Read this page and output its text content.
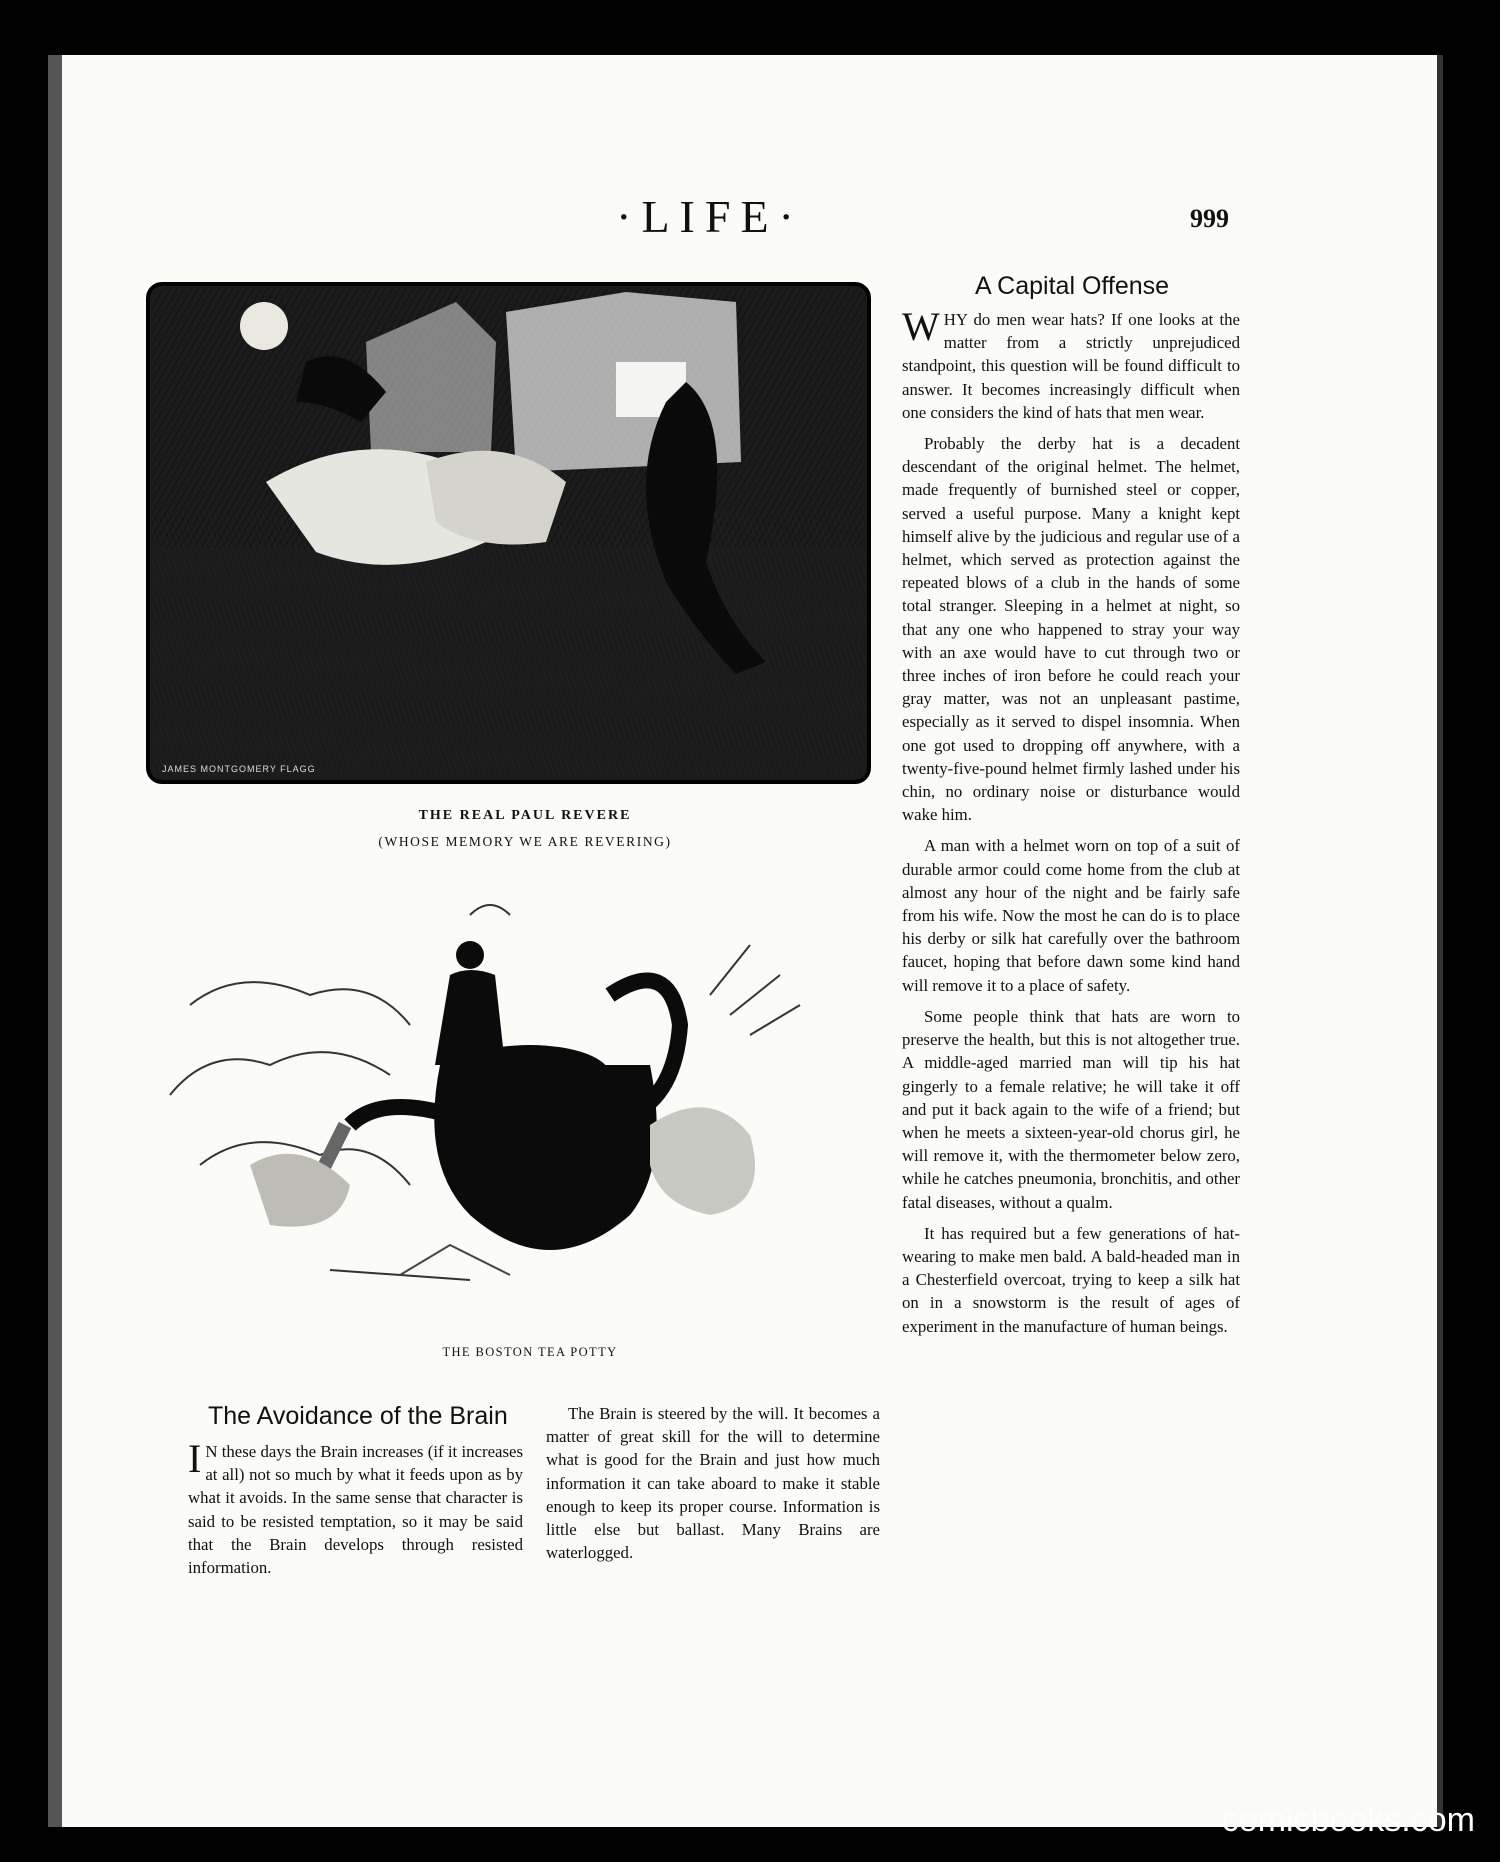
·LIFE·	999
JAMES MONTGOMERY FLAGG
THE REAL PAUL REVERE
(WHOSE MEMORY WE ARE REVERING)
THE BOSTON TEA POTTY
A Capital Offense

WHY do men wear hats? If one looks at the matter from a strictly unprejudiced standpoint, this question will be found difficult to answer. It becomes increasingly difficult when one considers the kind of hats that men wear.

Probably the derby hat is a decadent descendant of the original helmet. The helmet, made frequently of burnished steel or copper, served a useful purpose. Many a knight kept himself alive by the judicious and regular use of a helmet, which served as protection against the repeated blows of a club in the hands of some total stranger. Sleeping in a helmet at night, so that any one who happened to stray your way with an axe would have to cut through two or three inches of iron before he could reach your gray matter, was not an unpleasant pastime, especially as it served to dispel insomnia. When one got used to dropping off anywhere, with a twenty-five-pound helmet firmly lashed under his chin, no ordinary noise or disturbance would wake him.

A man with a helmet worn on top of a suit of durable armor could come home from the club at almost any hour of the night and be fairly safe from his wife. Now the most he can do is to place his derby or silk hat carefully over the bathroom faucet, hoping that before dawn some kind hand will remove it to a place of safety.

Some people think that hats are worn to preserve the health, but this is not altogether true. A middle-aged married man will tip his hat gingerly to a female relative; he will take it off and put it back again to the wife of a friend; but when he meets a sixteen-year-old chorus girl, he will remove it, with the thermometer below zero, while he catches pneumonia, bronchitis, and other fatal diseases, without a qualm.

It has required but a few generations of hat-wearing to make men bald. A bald-headed man in a Chesterfield overcoat, trying to keep a silk hat on in a snowstorm is the result of ages of experiment in the manufacture of human beings.

The Avoidance of the Brain

I N these days the Brain increases (if it increases at all) not so much by what it feeds upon as by what it avoids. In the same sense that character is said to be resisted temptation, so it may be said that the Brain develops through resisted information.

The Brain is steered by the will. It becomes a matter of great skill for the will to determine what is good for the Brain and just how much information it can take aboard to make it stable enough to keep its proper course. Information is little else but ballast. Many Brains are waterlogged.

comicbooks.com
